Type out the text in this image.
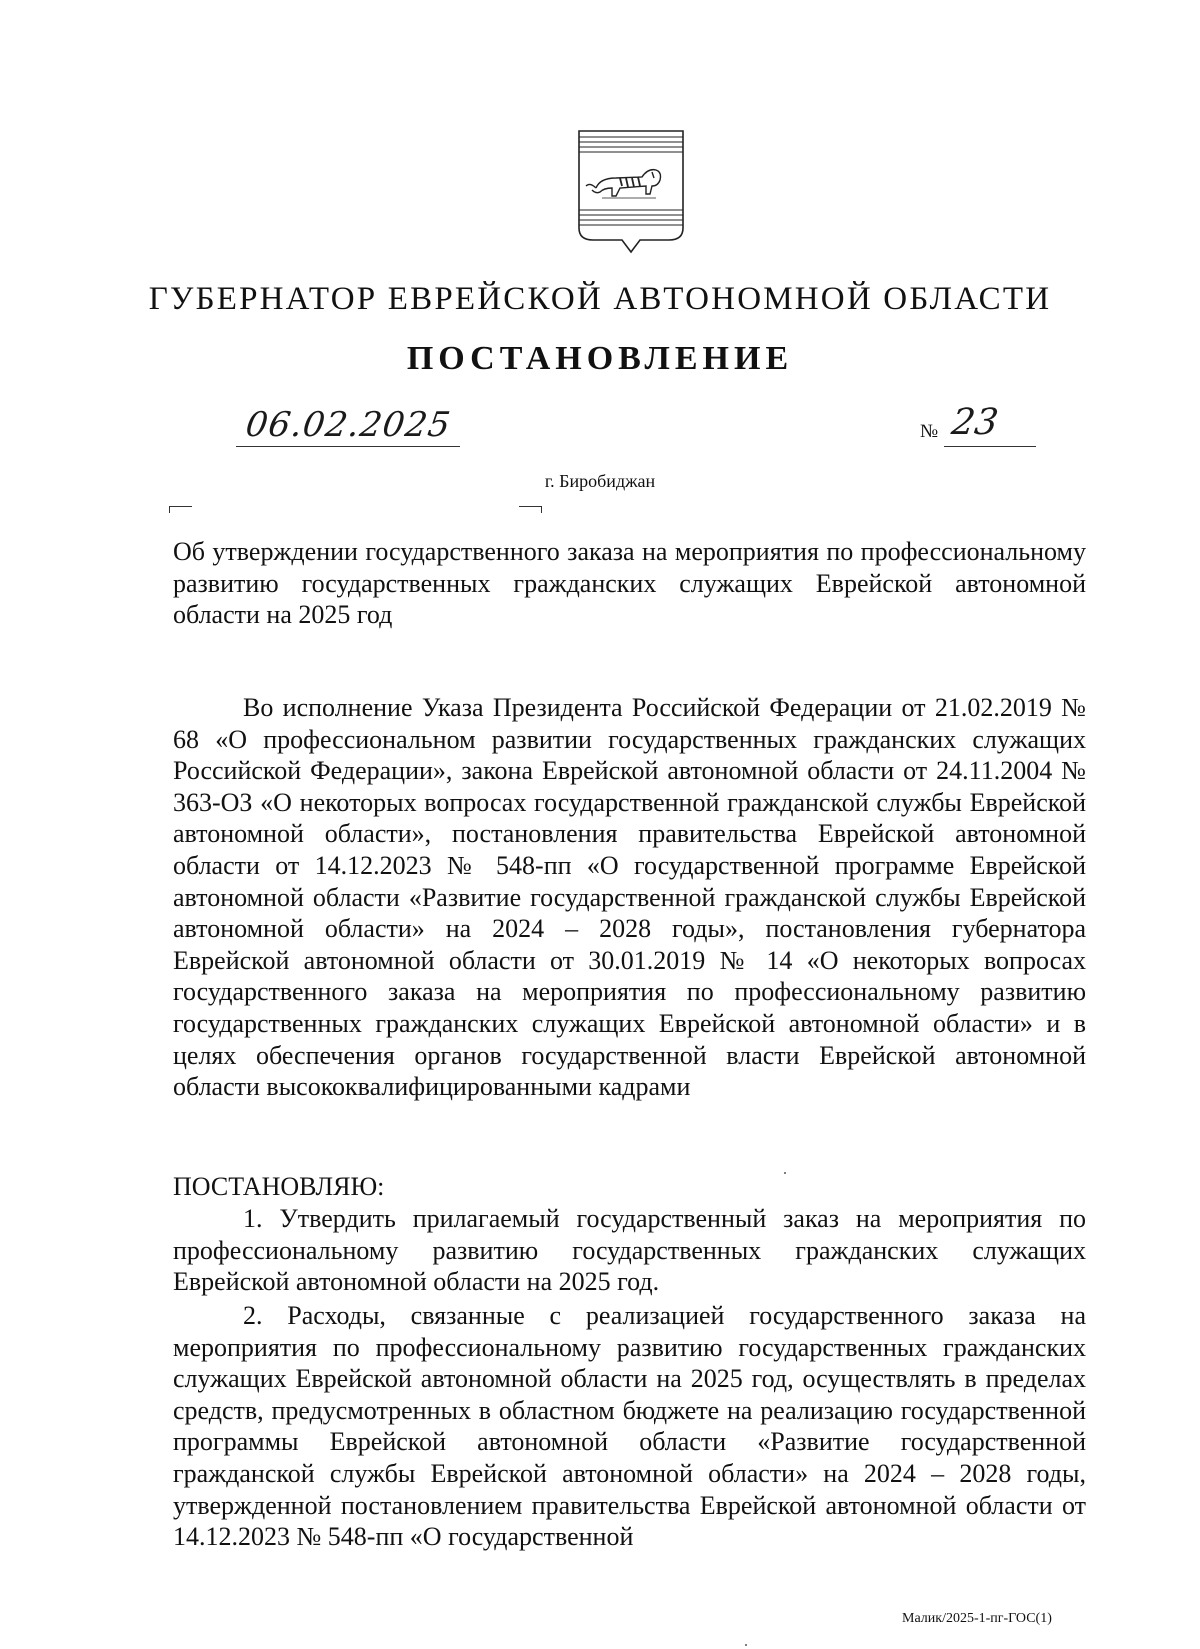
ГУБЕРНАТОР ЕВРЕЙСКОЙ АВТОНОМНОЙ ОБЛАСТИ
ПОСТАНОВЛЕНИЕ
06.02.2025	№ 23
г. Биробиджан
Об утверждении государственного заказа на мероприятия по профессиональному развитию государственных гражданских служащих Еврейской автономной области на 2025 год
Во исполнение Указа Президента Российской Федерации от 21.02.2019 № 68 «О профессиональном развитии государственных гражданских служащих Российской Федерации», закона Еврейской автономной области от 24.11.2004 № 363-ОЗ «О некоторых вопросах государственной гражданской службы Еврейской автономной области», постановления правительства Еврейской автономной области от 14.12.2023 № 548-пп «О государственной программе Еврейской автономной области «Развитие государственной гражданской службы Еврейской автономной области» на 2024 – 2028 годы», постановления губернатора Еврейской автономной области от 30.01.2019 № 14 «О некоторых вопросах государственного заказа на мероприятия по профессиональному развитию государственных гражданских служащих Еврейской автономной области» и в целях обеспечения органов государственной власти Еврейской автономной области высококвалифицированными кадрами
ПОСТАНОВЛЯЮ:
1. Утвердить прилагаемый государственный заказ на мероприятия по профессиональному развитию государственных гражданских служащих Еврейской автономной области на 2025 год.
2. Расходы, связанные с реализацией государственного заказа на мероприятия по профессиональному развитию государственных гражданских служащих Еврейской автономной области на 2025 год, осуществлять в пределах средств, предусмотренных в областном бюджете на реализацию государственной программы Еврейской автономной области «Развитие государственной гражданской службы Еврейской автономной области» на 2024 – 2028 годы, утвержденной постановлением правительства Еврейской автономной области от 14.12.2023 № 548-пп «О государственной
Малик/2025-1-пг-ГОС(1)
